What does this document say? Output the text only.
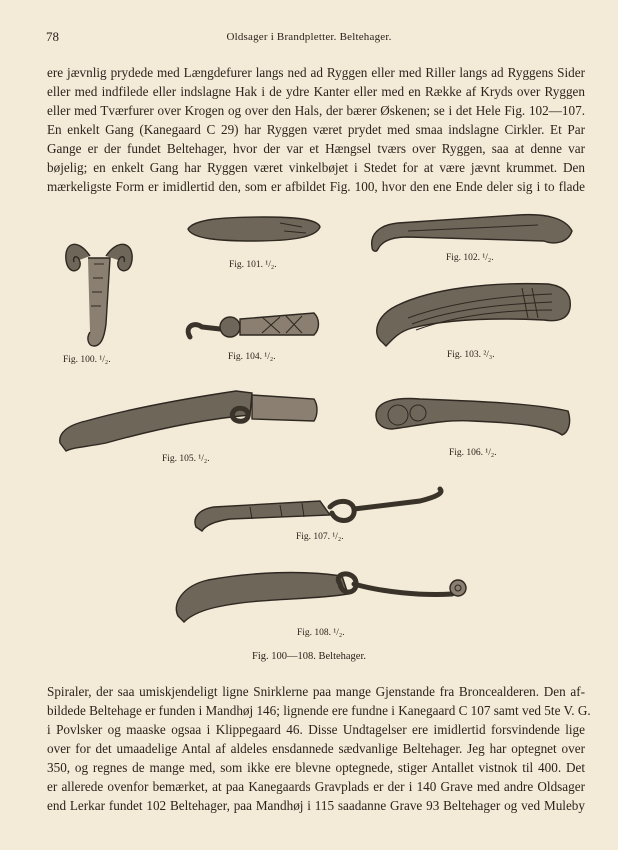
78	Oldsager i Brandpletter. Beltehager.
ere jævnlig prydede med Længdefurer langs ned ad Ryggen eller med Riller langs ad Ryggens Sider
eller med indfilede eller indslagne Hak i de ydre Kanter eller med en Række af Kryds over Ryggen
eller med Tværfurer over Krogen og over den Hals, der bærer Øskenen; se i det Hele Fig. 102—107.
En enkelt Gang (Kanegaard C 29) har Ryggen været prydet med smaa indslagne Cirkler. Et Par
Gange er der fundet Beltehager, hvor der var et Hængsel tværs over Ryggen, saa at denne var
bøjelig; en enkelt Gang har Ryggen været vinkelbøjet i Stedet for at være jævnt krummet. Den
mærkeligste Form er imidlertid den, som er afbildet Fig. 100, hvor den ene Ende deler sig i to flade
Fig. 100. ¹/₂.
Fig. 101. ¹/₂.
Fig. 102. ¹/₂.
Fig. 104. ¹/₂.	Fig. 103. ²/₃.
Fig. 105. ¹/₂.
Fig. 106. ¹/₂.
Fig. 107. ¹/₂.
Fig. 108. ¹/₂.
Fig. 100—108. Beltehager.
Spiraler, der saa umiskjendeligt ligne Snirklerne paa mange Gjenstande fra Broncealderen. Den af-
bildede Beltehage er funden i Mandhøj 146; lignende ere fundne i Kanegaard C 107 samt ved 5te V. G.
i Povlsker og maaske ogsaa i Klippegaard 46. Disse Undtagelser ere imidlertid forsvindende lige
over for det umaadelige Antal af aldeles ensdannede sædvanlige Beltehager. Jeg har optegnet over
350, og regnes de mange med, som ikke ere blevne optegnede, stiger Antallet vistnok til 400. Det
er allerede ovenfor bemærket, at paa Kanegaards Gravplads er der i 140 Grave med andre Oldsager
end Lerkar fundet 102 Beltehager, paa Mandhøj i 115 saadanne Grave 93 Beltehager og ved Muleby
